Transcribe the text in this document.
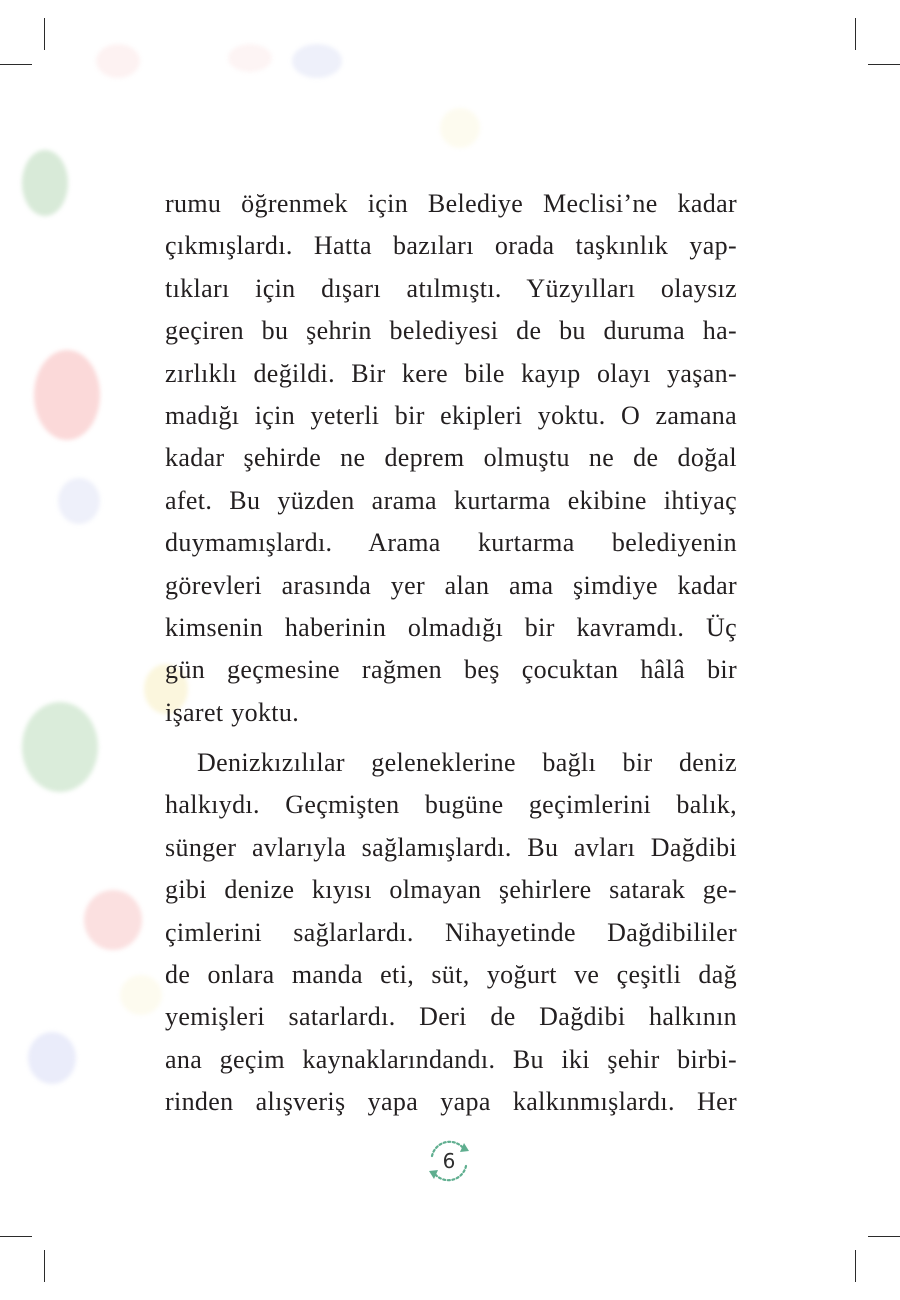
rumu öğrenmek için Belediye Meclisi’ne kadar
çıkmışlardı. Hatta bazıları orada taşkınlık yap-
tıkları için dışarı atılmıştı. Yüzyılları olaysız
geçiren bu şehrin belediyesi de bu duruma ha-
zırlıklı değildi. Bir kere bile kayıp olayı yaşan-
madığı için yeterli bir ekipleri yoktu. O zamana
kadar şehirde ne deprem olmuştu ne de doğal
afet. Bu yüzden arama kurtarma ekibine ihtiyaç
duymamışlardı. Arama kurtarma belediyenin
görevleri arasında yer alan ama şimdiye kadar
kimsenin haberinin olmadığı bir kavramdı. Üç
gün geçmesine rağmen beş çocuktan hâlâ bir
işaret yoktu.
Denizkızılılar geleneklerine bağlı bir deniz
halkıydı. Geçmişten bugüne geçimlerini balık,
sünger avlarıyla sağlamışlardı. Bu avları Dağdibi
gibi denize kıyısı olmayan şehirlere satarak ge-
çimlerini sağlarlardı. Nihayetinde Dağdibililer
de onlara manda eti, süt, yoğurt ve çeşitli dağ
yemişleri satarlardı. Deri de Dağdibi halkının
ana geçim kaynaklarındandı. Bu iki şehir birbi-
rinden alışveriş yapa yapa kalkınmışlardı. Her
6
